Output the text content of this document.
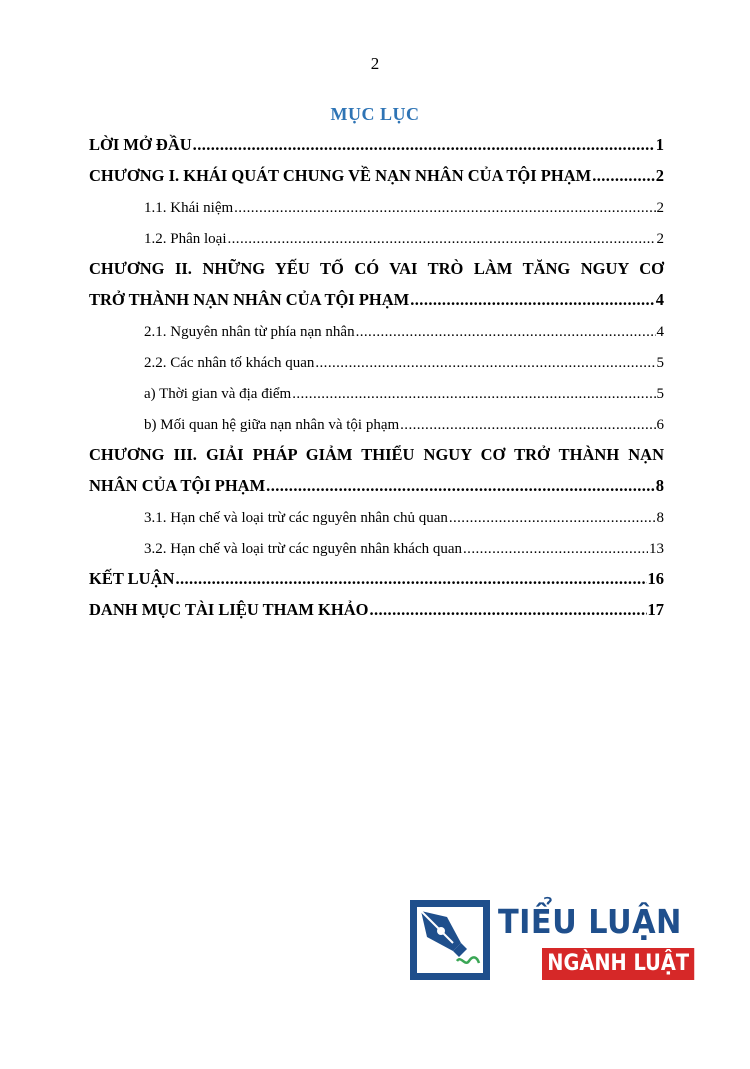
2
MỤC LỤC
LỜI MỞ ĐẦU .....	1
CHƯƠNG I. KHÁI QUÁT CHUNG VỀ NẠN NHÂN CỦA TỘI PHẠM .....	2
1.1. Khái niệm .....	2
1.2. Phân loại .....	2
CHƯƠNG II. NHỮNG YẾU TỐ CÓ VAI TRÒ LÀM TĂNG NGUY CƠ
TRỞ THÀNH NẠN NHÂN CỦA TỘI PHẠM .....	4
2.1. Nguyên nhân từ phía nạn nhân .....	4
2.2. Các nhân tố khách quan .....	5
a) Thời gian và địa điểm .....	5
b) Mối quan hệ giữa nạn nhân và tội phạm .....	6
CHƯƠNG III. GIẢI PHÁP GIẢM THIỂU NGUY CƠ TRỞ THÀNH NẠN
NHÂN CỦA TỘI PHẠM .....	8
3.1. Hạn chế và loại trừ các nguyên nhân chủ quan .....	8
3.2. Hạn chế và loại trừ các nguyên nhân khách quan .....	13
KẾT LUẬN .....	16
DANH MỤC TÀI LIỆU THAM KHẢO .....	17
TIỂU LUẬN
NGÀNH LUẬT
